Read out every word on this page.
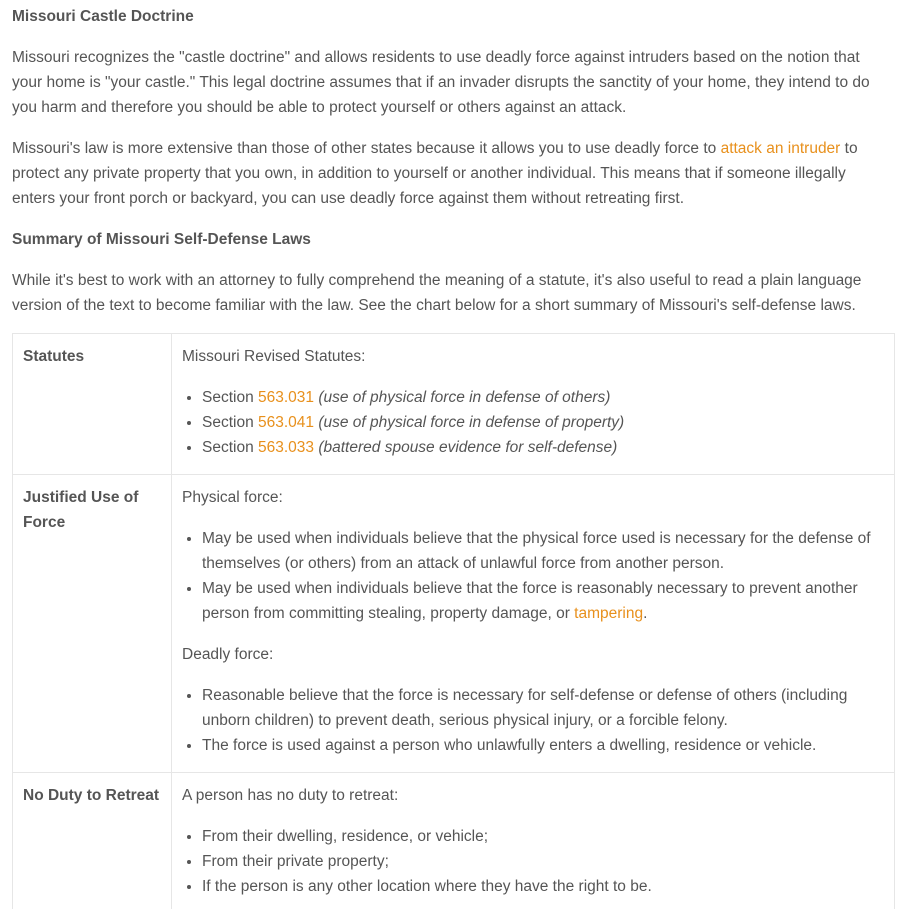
Missouri Castle Doctrine

Missouri recognizes the "castle doctrine" and allows residents to use deadly force against intruders based on the notion that your home is "your castle." This legal doctrine assumes that if an invader disrupts the sanctity of your home, they intend to do you harm and therefore you should be able to protect yourself or others against an attack.

Missouri's law is more extensive than those of other states because it allows you to use deadly force to attack an intruder to protect any private property that you own, in addition to yourself or another individual. This means that if someone illegally enters your front porch or backyard, you can use deadly force against them without retreating first.

Summary of Missouri Self-Defense Laws

While it's best to work with an attorney to fully comprehend the meaning of a statute, it's also useful to read a plain language version of the text to become familiar with the law. See the chart below for a short summary of Missouri's self-defense laws.

Statutes	Missouri Revised Statutes:

• Section 563.031 (use of physical force in defense of others)
• Section 563.041 (use of physical force in defense of property)
• Section 563.033 (battered spouse evidence for self-defense)
Justified Use of Force

Physical force:

• May be used when individuals believe that the physical force used is necessary for the defense of themselves (or others) from an attack of unlawful force from another person.
• May be used when individuals believe that the force is reasonably necessary to prevent another person from committing stealing, property damage, or tampering.

Deadly force:

• Reasonable believe that the force is necessary for self-defense or defense of others (including unborn children) to prevent death, serious physical injury, or a forcible felony.
• The force is used against a person who unlawfully enters a dwelling, residence or vehicle.
No Duty to Retreat	A person has no duty to retreat:

• From their dwelling, residence, or vehicle;
• From their private property;
• If the person is any other location where they have the right to be.
